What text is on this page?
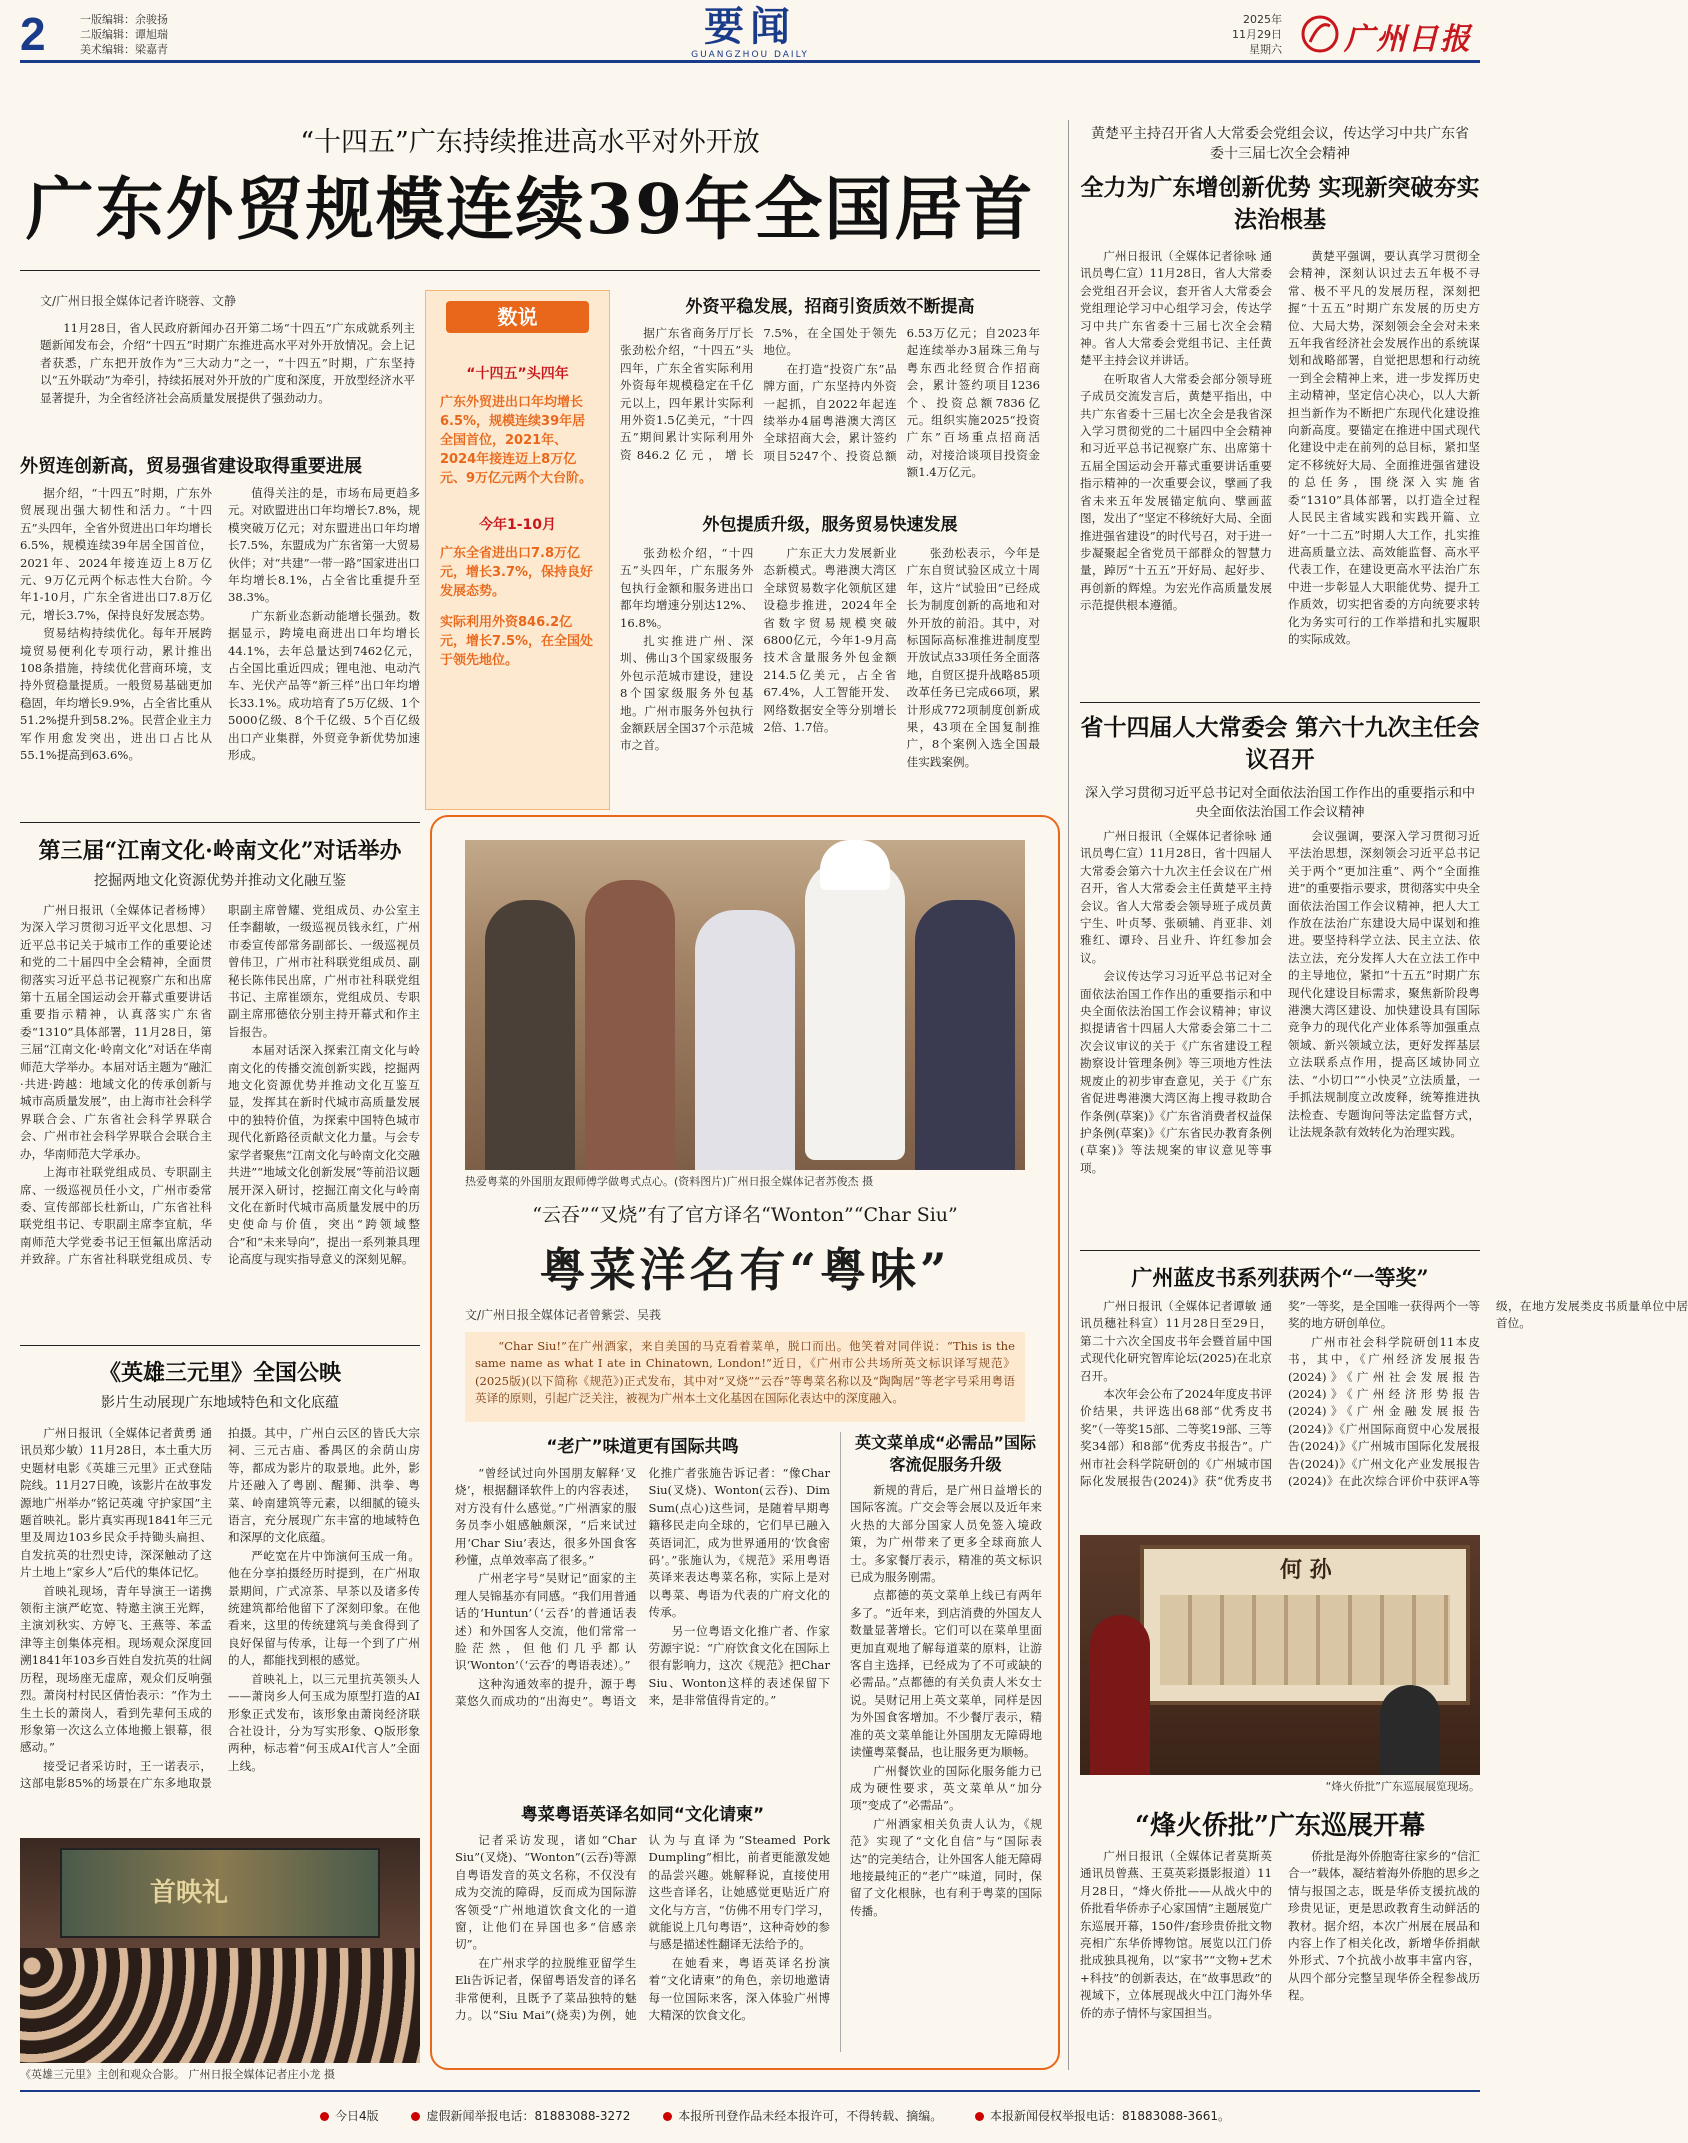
2	一版编辑：余骏扬
二版编辑：谭旭瑞
美术编辑：梁嘉青	要闻
GUANGZHOU DAILY
2025年
11月29日
星期六 广州日报
“十四五”广东持续推进高水平对外开放
广东外贸规模连续39年全国居首
文/广州日报全媒体记者许晓蓉、文静

11月28日，省人民政府新闻办召开第二场“十四五”广东成就系列主题新闻发布会，介绍“十四五”时期广东推进高水平对外开放情况。会上记者获悉，广东把开放作为“三大动力”之一，“十四五”时期，广东坚持以“五外联动”为牵引，持续拓展对外开放的广度和深度，开放型经济水平显著提升，为全省经济社会高质量发展提供了强劲动力。

外贸连创新高，贸易强省建设取得重要进展

据介绍，“十四五”时期，广东外贸展现出强大韧性和活力。“十四五”头四年，全省外贸进出口年均增长6.5%，规模连续39年居全国首位，2021年、2024年接连迈上8万亿元、9万亿元两个标志性大台阶。今年1-10月，广东全省进出口7.8万亿元，增长3.7%，保持良好发展态势。

贸易结构持续优化。每年开展跨境贸易便利化专项行动，累计推出108条措施，持续优化营商环境，支持外贸稳量提质。一般贸易基础更加稳固，年均增长9.9%，占全省比重从51.2%提升到58.2%。民营企业主力军作用愈发突出，进出口占比从55.1%提高到63.6%。

值得关注的是，市场布局更趋多元。对欧盟进出口年均增长7.8%，规模突破万亿元；对东盟进出口年均增长7.5%，东盟成为广东省第一大贸易伙伴；对“共建”一带一路”国家进出口年均增长8.1%，占全省比重提升至38.3%。

广东新业态新动能增长强劲。数据显示，跨境电商进出口年均增长44.1%，去年总量达到7462亿元，占全国比重近四成；锂电池、电动汽车、光伏产品等“新三样”出口年均增长33.1%。成功培育了5万亿级、1个5000亿级、8个千亿级、5个百亿级出口产业集群，外贸竞争新优势加速形成。

数说
“十四五”头四年
广东外贸进出口年均增长6.5%，规模连续39年居全国首位，2021年、2024年接连迈上8万亿元、9万亿元两个大台阶。
今年1-10月
广东全省进出口7.8万亿元，增长3.7%，保持良好发展态势。
实际利用外资846.2亿元，增长7.5%，在全国处于领先地位。
外资平稳发展，招商引资质效不断提高

据广东省商务厅厅长张劲松介绍，“十四五”头四年，广东全省实际利用外资每年规模稳定在千亿元以上，四年累计实际利用外资1.5亿美元，“十四五”期间累计实际利用外资846.2亿元，增长7.5%，在全国处于领先地位。

在打造“投资广东”品牌方面，广东坚持内外资一起抓，自2022年起连续举办4届粤港澳大湾区全球招商大会，累计签约项目5247个、投资总额6.53万亿元；自2023年起连续举办3届珠三角与粤东西北经贸合作招商会，累计签约项目1236个、投资总额7836亿元。组织实施2025“投资广东”百场重点招商活动，对接洽谈项目投资金额1.4万亿元。

外包提质升级，服务贸易快速发展

张劲松介绍，“十四五”头四年，广东服务外包执行金额和服务进出口都年均增速分别达12%、16.8%。

扎实推进广州、深圳、佛山3个国家级服务外包示范城市建设，建设8个国家级服务外包基地。广州市服务外包执行金额跃居全国37个示范城市之首。

广东正大力发展新业态新模式。粤港澳大湾区全球贸易数字化领航区建设稳步推进，2024年全省数字贸易规模突破6800亿元，今年1-9月高技术含量服务外包金额214.5亿美元，占全省67.4%，人工智能开发、网络数据安全等分别增长2倍、1.7倍。

张劲松表示，今年是广东自贸试验区成立十周年，这片“试验田”已经成长为制度创新的高地和对外开放的前沿。其中，对标国际高标准推进制度型开放试点33项任务全面落地，自贸区提升战略85项改革任务已完成66项，累计形成772项制度创新成果，43项在全国复制推广，8个案例入选全国最佳实践案例。

第三届“江南文化·岭南文化”对话举办
挖掘两地文化资源优势并推动文化融互鉴

广州日报讯（全媒体记者杨博）为深入学习贯彻习近平文化思想、习近平总书记关于城市工作的重要论述和党的二十届四中全会精神，全面贯彻落实习近平总书记视察广东和出席第十五届全国运动会开幕式重要讲话重要指示精神，认真落实广东省委“1310”具体部署，11月28日，第三届“江南文化·岭南文化”对话在华南师范大学举办。本届对话主题为“融汇·共进·跨越：地域文化的传承创新与城市高质量发展”，由上海市社会科学界联合会、广东省社会科学界联合会、广州市社会科学界联合会联合主办，华南师范大学承办。

上海市社联党组成员、专职副主席、一级巡视员任小文，广州市委常委、宣传部部长杜新山，广东省社科联党组书记、专职副主席李宜航，华南师范大学党委书记王恒氟出席活动并致辞。广东省社科联党组成员、专职副主席曾耀、党组成员、办公室主任李翻敏，一级巡视员钱永红，广州市委宣传部常务副部长、一级巡视员曾伟卫，广州市社科联党组成员、副秘长陈伟民出席，广州市社科联党组书记、主席崔颂东，党组成员、专职副主席邢德依分别主持开幕式和作主旨报告。

本届对话深入探索江南文化与岭南文化的传播交流创新实践，挖掘两地文化资源优势并推动文化互鉴互显，发挥其在新时代城市高质量发展中的独特价值，为探索中国特色城市现代化新路径贡献文化力量。与会专家学者聚焦“江南文化与岭南文化交融共进”“地域文化创新发展”等前沿议题展开深入研讨，挖掘江南文化与岭南文化在新时代城市高质量发展中的历史使命与价值，突出“跨领域整合”和“未来导向”，提出一系列兼具理论高度与现实指导意义的深刻见解。

《英雄三元里》全国公映
影片生动展现广东地域特色和文化底蕴

广州日报讯（全媒体记者黄勇 通讯员郑少敏）11月28日，本土重大历史题材电影《英雄三元里》正式登陆院线。11月27日晚，该影片在故事发源地广州举办“铭记英魂 守护家国”主题首映礼。影片真实再现1841年三元里及周边103乡民众手持锄头扁担、自发抗英的壮烈史诗，深深触动了这片土地上“家乡人”后代的集体记忆。

首映礼现场，青年导演王一诺携领衔主演严屹宽、特邀主演王光辉，主演刘秋实、方婷飞、王燕等、苯孟津等主创集体亮相。现场观众深度回溯1841年103乡百姓自发抗英的壮阔历程，现场座无虚席，观众们反响强烈。萧岗村村民区倩怡表示：“作为土生土长的萧岗人，看到先辈何玉成的形象第一次这么立体地搬上银幕，很感动。”

接受记者采访时，王一诺表示，这部电影85%的场景在广东多地取景拍摄。其中，广州白云区的皆氏大宗祠、三元古庙、番禺区的余荫山房等，都成为影片的取景地。此外，影片还融入了粤剧、醒狮、洪拳、粤菜、岭南建筑等元素，以细腻的镜头语言，充分展现广东丰富的地域特色和深厚的文化底蕴。

严屹宽在片中饰演何玉成一角。他在分享拍摄经历时提到，在广州取景期间，广式凉茶、早茶以及诸多传统建筑都给他留下了深刻印象。在他看来，这里的传统建筑与美食得到了良好保留与传承，让每一个到了广州的人，都能找到根的感觉。

首映礼上，以三元里抗英领头人——萧岗乡人何玉成为原型打造的AI形象正式发布，该形象由萧岗经济联合社设计，分为写实形象、Q版形象两种，标志着“何玉成AI代言人”全面上线。

首映礼
《英雄三元里》主创和观众合影。 广州日报全媒体记者庄小龙 摄
热爱粤菜的外国朋友跟师傅学做粤式点心。(资料图片)广州日报全媒体记者苏俊杰 摄
“云吞”“叉烧”有了官方译名“Wonton”“Char Siu”
粤菜洋名有“粤味”
文/广州日报全媒体记者曾紫尝、吴莪

“Char Siu!”在广州酒家，来自美国的马克看着菜单，脱口而出。他笑着对同伴说：“This is the same name as what I ate in Chinatown, London!”近日，《广州市公共场所英文标识译写规范》(2025版)(以下简称《规范》)正式发布，其中对“叉烧”“云吞”等粤菜名称以及“陶陶居”等老字号采用粤语英译的原则，引起广泛关注，被视为广州本土文化基因在国际化表达中的深度融入。

“老广”味道更有国际共鸣

“曾经试过向外国朋友解释‘叉烧’，根据翻译软件上的内容表述，对方没有什么感觉。”广州酒家的服务员李小姐感触颇深，“后来试过用‘Char Siu’表达，很多外国食客秒懂，点单效率高了很多。”

广州老字号“吴财记”面家的主理人吴锦基亦有同感。“我们用普通话的‘Huntun’（‘云吞’的普通话表述）和外国客人交流，他们常常一脸茫然，但他们几乎都认识‘Wonton’（‘云吞’的粤语表述）。”

这种沟通效率的提升，源于粤菜悠久而成功的“出海史”。粤语文化推广者张施告诉记者：“像Char Siu(叉烧)、Wonton(云吞)、Dim Sum(点心)这些词，是随着早期粤籍移民走向全球的，它们早已融入英语词汇，成为世界通用的‘饮食密码’。”张施认为，《规范》采用粤语英译来表达粤菜名称，实际上是对以粤菜、粤语为代表的广府文化的传承。

另一位粤语文化推广者、作家劳源宇说：“广府饮食文化在国际上很有影响力，这次《规范》把Char Siu、Wonton这样的表述保留下来，是非常值得肯定的。”

粤菜粤语英译名如同“文化请柬”

记者采访发现，诸如“Char Siu”(叉烧)、“Wonton”(云吞)等源自粤语发音的英文名称，不仅没有成为交流的障碍，反而成为国际游客领受“广州地道饮食文化的一道窗，让他们在异国也多“信感亲切”。

在广州求学的拉脱维亚留学生Eli告诉记者，保留粤语发音的译名非常便利，且既予了菜品独特的魅力。以“Siu Mai”(烧卖)为例，她认为与直译为“Steamed Pork Dumpling”相比，前者更能激发她的品尝兴趣。姚解释说，直接使用这些音译名，让她感觉更贴近广府文化与方言，“仿佛不用专门学习，就能说上几句粤语”，这种奇妙的参与感是描述性翻译无法给予的。

在她看来，粤语英译名扮演着“文化请柬”的角色，亲切地邀请每一位国际来客，深入体验广州博大精深的饮食文化。

英文菜单成“必需品”国际客流促服务升级

新规的背后，是广州日益增长的国际客流。广交会等会展以及近年来火热的大部分国家人员免签入境政策，为广州带来了更多全球商旅人士。多家餐厅表示，精准的英文标识已成为服务刚需。

点都德的英文菜单上线已有两年多了。“近年来，到店消费的外国友人数量显著增长。它们可以在菜单里面更加直观地了解每道菜的原料，让游客自主选择，已经成为了不可或缺的必需品。”点都德的有关负责人米女士说。吴财记用上英文菜单，同样是因为外国食客增加。不少餐厅表示，精准的英文菜单能让外国朋友无障碍地读懂粤菜餐品，也让服务更为顺畅。

广州餐饮业的国际化服务能力已成为硬性要求，英文菜单从“加分项”变成了“必需品”。

广州酒家相关负责人认为，《规范》实现了“文化自信”与“国际表达”的完美结合，让外国客人能无障碍地接最纯正的“老广”味道，同时，保留了文化根脉，也有利于粤菜的国际传播。

黄楚平主持召开省人大常委会党组会议，传达学习中共广东省委十三届七次全会精神
全力为广东增创新优势 实现新突破夯实法治根基

广州日报讯（全媒体记者徐咏 通讯员粤仁宣）11月28日，省人大常委会党组召开会议，套开省人大常委会党组理论学习中心组学习会，传达学习中共广东省委十三届七次全会精神。省人大常委会党组书记、主任黄楚平主持会议并讲话。

在听取省人大常委会部分领导班子成员交流发言后，黄楚平指出，中共广东省委十三届七次全会是我省深入学习贯彻党的二十届四中全会精神和习近平总书记视察广东、出席第十五届全国运动会开幕式重要讲话重要指示精神的一次重要会议，擘画了我省未来五年发展锚定航向、擘画蓝图，发出了“坚定不移统好大局、全面推进强省建设”的时代号召，对于进一步凝聚起全省党员干部群众的智慧力量，踔厉“十五五”开好局、起好步、再创新的辉煌。为宏光作高质量发展示范提供根本遵循。

黄楚平强调，要认真学习贯彻全会精神，深刻认识过去五年极不寻常、极不平凡的发展历程，深刻把握“十五五”时期广东发展的历史方位、大局大势，深刻领会全会对未来五年我省经济社会发展作出的系统谋划和战略部署，自觉把思想和行动统一到全会精神上来，进一步发挥历史主动精神，坚定信心决心，以人大新担当新作为不断把广东现代化建设推向新高度。要锚定在推进中国式现代化建设中走在前列的总目标，紧扣坚定不移统好大局、全面推进强省建设的总任务，围绕深入实施省委“1310”具体部署，以打造全过程人民民主省域实践和实践开篇、立好“一十二五”时期人大工作，扎实推进高质量立法、高效能监督、高水平代表工作，在建设更高水平法治广东中进一步彰显人大职能优势、提升工作质效，切实把省委的方向统要求转化为务实可行的工作举措和扎实履职的实际成效。

省十四届人大常委会 第六十九次主任会议召开
深入学习贯彻习近平总书记对全面依法治国工作作出的重要指示和中央全面依法治国工作会议精神

广州日报讯（全媒体记者徐咏 通讯员粤仁宣）11月28日，省十四届人大常委会第六十九次主任会议在广州召开，省人大常委会主任黄楚平主持会议。省人大常委会领导班子成员黄宁生、叶贞琴、张硕辅、肖亚非、刘雅红、谭玲、吕业升、许红参加会议。

会议传达学习习近平总书记对全面依法治国工作作出的重要指示和中央全面依法治国工作会议精神；审议拟提请省十四届人大常委会第二十二次会议审议的关于《广东省建设工程勘察设计管理条例》等三项地方性法规废止的初步审查意见，关于《广东省促进粤港澳大湾区海上搜寻救助合作条例(草案)》《广东省消费者权益保护条例(草案)》《广东省民办教育条例(草案)》等法规案的审议意见等事项。

会议强调，要深入学习贯彻习近平法治思想，深刻领会习近平总书记关于两个“更加注重”、两个“全面推进”的重要指示要求，贯彻落实中央全面依法治国工作会议精神，把人大工作放在法治广东建设大局中谋划和推进。要坚持科学立法、民主立法、依法立法，充分发挥人大在立法工作中的主导地位，紧扣“十五五”时期广东现代化建设目标需求，聚焦新阶段粤港澳大湾区建设、加快建设具有国际竞争力的现代化产业体系等加强重点领域、新兴领域立法，更好发挥基层立法联系点作用，提高区域协同立法、“小切口”“小快灵”立法质量，一手抓法规制度立改废释，统筹推进执法检查、专题询问等法定监督方式，让法规条款有效转化为治理实践。

广州蓝皮书系列获两个“一等奖”

广州日报讯（全媒体记者谭敏 通讯员穗社科宣）11月28日至29日，第二十六次全国皮书年会暨首届中国式现代化研究智库论坛(2025)在北京召开。

本次年会公布了2024年度皮书评价结果，共评选出68部“优秀皮书奖”（一等奖15部、二等奖19部、三等奖34部）和8部“优秀皮书报告”。广州市社会科学院研创的《广州城市国际化发展报告(2024)》获“优秀皮书奖”一等奖，是全国唯一获得两个一等奖的地方研创单位。

广州市社会科学院研创11本皮书，其中，《广州经济发展报告(2024)》《广州社会发展报告(2024)》《广州经济形势报告(2024)》《广州金融发展报告(2024)》《广州国际商贸中心发展报告(2024)》《广州城市国际化发展报告(2024)》《广州文化产业发展报告(2024)》在此次综合评价中获评A等级，在地方发展类皮书质量单位中居首位。

何 孙
“烽火侨批”广东巡展展览现场。
“烽火侨批”广东巡展开幕

广州日报讯（全媒体记者莫斯英 通讯员曾燕、王莫英彩摄影报道）11月28日，“烽火侨批——从战火中的侨批看华侨赤子心家国情”主题展览广东巡展开幕，150件/套珍贵侨批文物亮相广东华侨博物馆。展览以江门侨批成独具视角，以“家书”“文物+艺术+科技”的创新表达，在“故事思政”的视域下，立体展现战火中江门海外华侨的赤子情怀与家国担当。

侨批是海外侨胞寄往家乡的“信汇合一”载体，凝结着海外侨胞的思乡之情与报国之志，既是华侨支援抗战的珍贵见证，更是思政教育生动鲜活的教材。据介绍，本次广州展在展品和内容上作了相关化改，新增华侨捐献外形式、7个抗战小故事丰富内容，从四个部分完整呈现华侨全程参战历程。

今日4版	虚假新闻举报电话：81883088-3272	本报所刊登作品未经本报许可，不得转载、摘编。	本报新闻侵权举报电话：81883088-3661。
